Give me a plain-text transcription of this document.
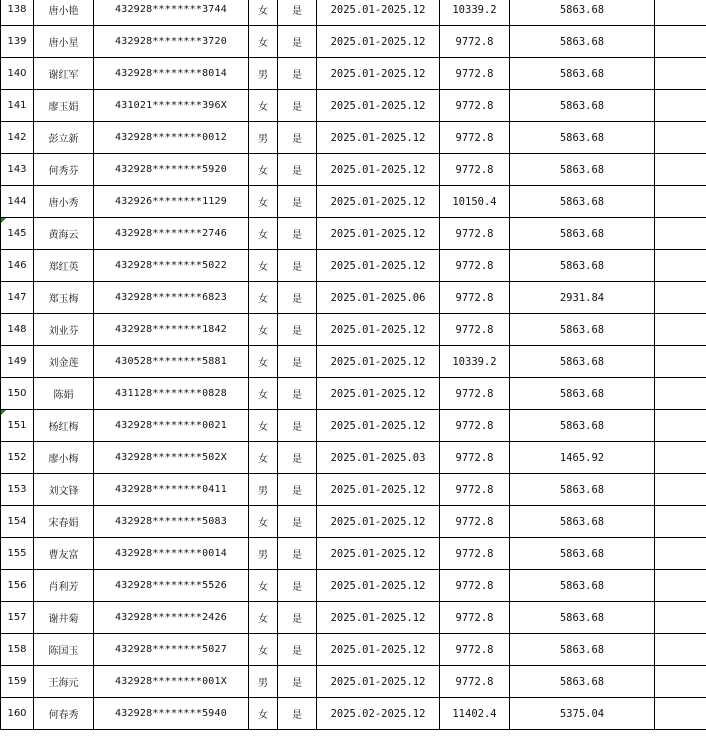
138	唐小艳	432928********3744	女	是	2025.01-2025.12	10339.2	5863.68	
139	唐小星	432928********3720	女	是	2025.01-2025.12	9772.8	5863.68	
140	谢红军	432928********8014	男	是	2025.01-2025.12	9772.8	5863.68	
141	廖玉娟	431021********396X	女	是	2025.01-2025.12	9772.8	5863.68	
142	彭立新	432928********0012	男	是	2025.01-2025.12	9772.8	5863.68	
143	何秀芬	432928********5920	女	是	2025.01-2025.12	9772.8	5863.68	
144	唐小秀	432926********1129	女	是	2025.01-2025.12	10150.4	5863.68	

145	黄海云	432928********2746	女	是	2025.01-2025.12	9772.8	5863.68	
146	郑红英	432928********5022	女	是	2025.01-2025.12	9772.8	5863.68	
147	郑玉梅	432928********6823	女	是	2025.01-2025.06	9772.8	2931.84	
148	刘业芬	432928********1842	女	是	2025.01-2025.12	9772.8	5863.68	
149	刘金莲	430528********5881	女	是	2025.01-2025.12	10339.2	5863.68	
150	陈娟	431128********0828	女	是	2025.01-2025.12	9772.8	5863.68	

151	杨红梅	432928********0021	女	是	2025.01-2025.12	9772.8	5863.68	
152	廖小梅	432928********502X	女	是	2025.01-2025.03	9772.8	1465.92	
153	刘文锋	432928********0411	男	是	2025.01-2025.12	9772.8	5863.68	
154	宋春娟	432928********5083	女	是	2025.01-2025.12	9772.8	5863.68	
155	曹友富	432928********0014	男	是	2025.01-2025.12	9772.8	5863.68	
156	肖利芳	432928********5526	女	是	2025.01-2025.12	9772.8	5863.68	
157	谢井菊	432928********2426	女	是	2025.01-2025.12	9772.8	5863.68	
158	陈国玉	432928********5027	女	是	2025.01-2025.12	9772.8	5863.68	
159	王海元	432928********001X	男	是	2025.01-2025.12	9772.8	5863.68	
160	何春秀	432928********5940	女	是	2025.02-2025.12	11402.4	5375.04	
